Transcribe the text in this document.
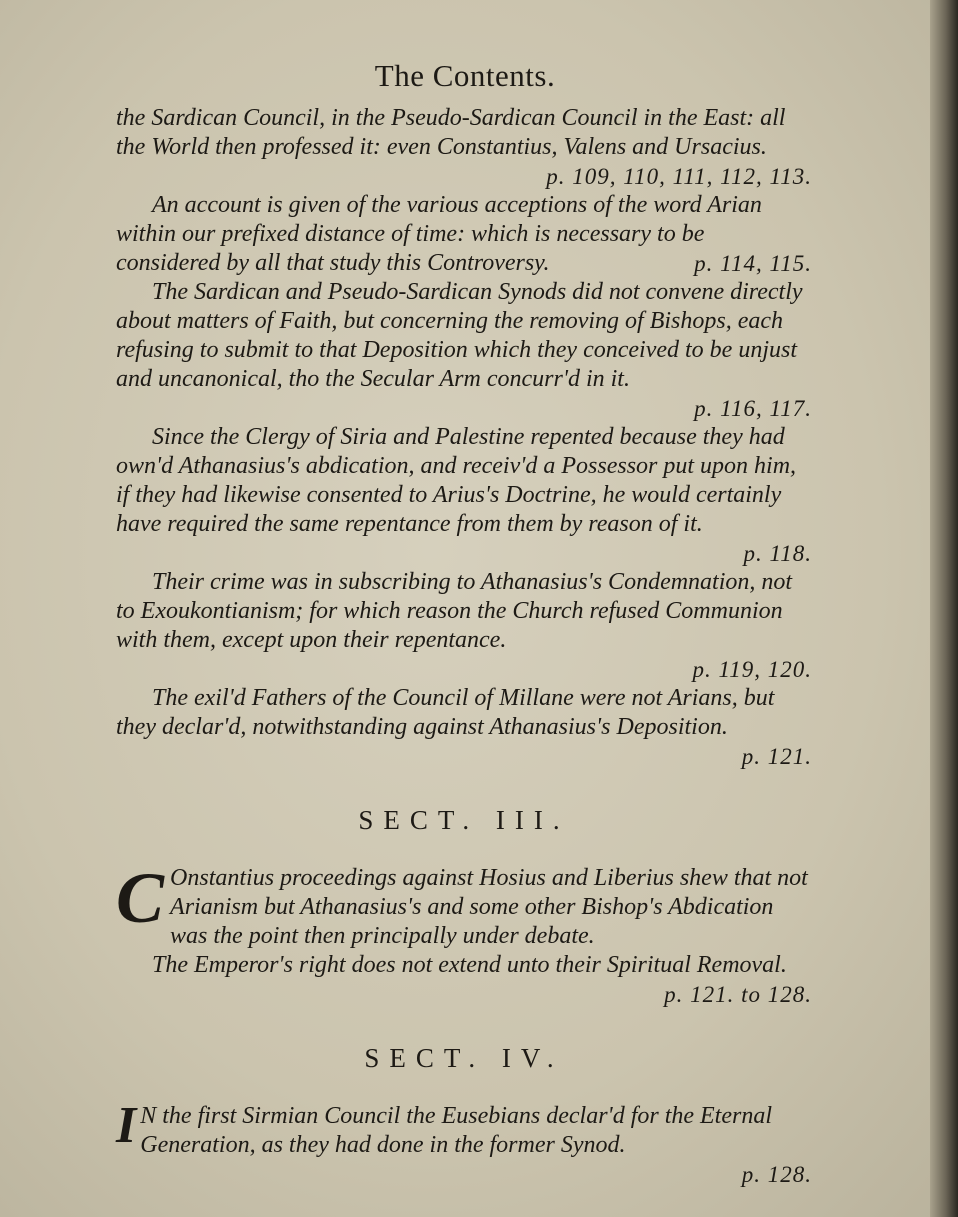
The Contents.

the Sardican Council, in the Pseudo-Sardican Council in the East: all the World then professed it: even Constantius, Valens and Ursacius.
p. 109, 110, 111, 112, 113.

An account is given of the various acceptions of the word Arian within our prefixed distance of time: which is necessary to be considered by all that study this Controversy.	p. 114, 115.

The Sardican and Pseudo-Sardican Synods did not convene directly about matters of Faith, but concerning the removing of Bishops, each refusing to submit to that Deposition which they conceived to be unjust and uncanonical, tho the Secular Arm concurr'd in it.
p. 116, 117.

Since the Clergy of Siria and Palestine repented because they had own'd Athanasius's abdication, and receiv'd a Possessor put upon him, if they had likewise consented to Arius's Doctrine, he would certainly have required the same repentance from them by reason of it.
p. 118.

Their crime was in subscribing to Athanasius's Condemnation, not to Exoukontianism; for which reason the Church refused Communion with them, except upon their repentance.
p. 119, 120.

The exil'd Fathers of the Council of Millane were not Arians, but they declar'd, notwithstanding against Athanasius's Deposition.
p. 121.

SECT. III.

C Onstantius proceedings against Hosius and Liberius shew that not Arianism but Athanasius's and some other Bishop's Abdication was the point then principally under debate.

The Emperor's right does not extend unto their Spiritual Removal.
p. 121. to 128.

SECT. IV.

I N the first Sirmian Council the Eusebians declar'd for the Eternal Generation, as they had done in the former Synod.
p. 128.
